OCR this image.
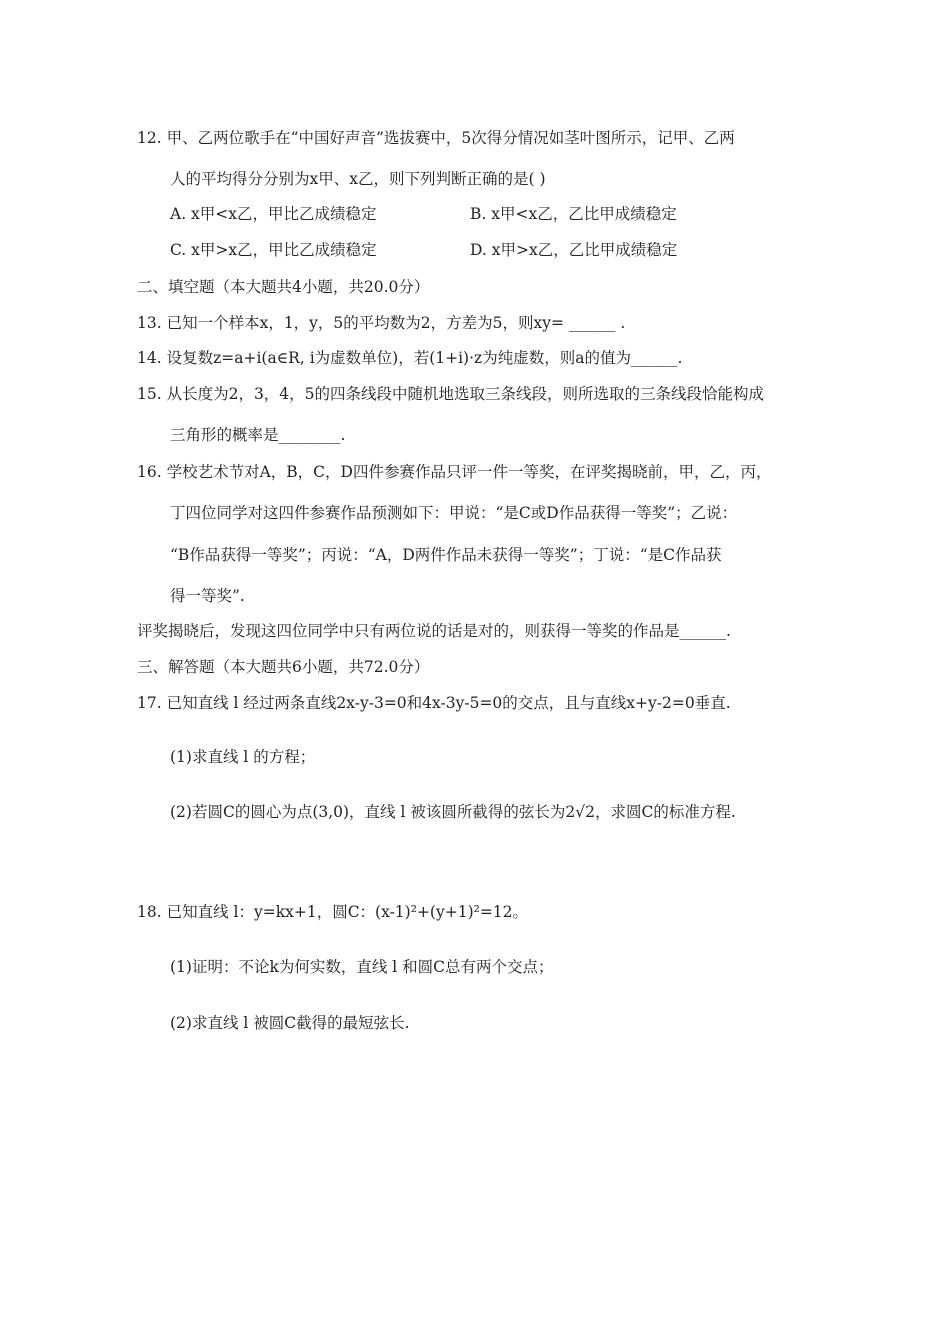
12. 甲、乙两位歌手在“中国好声音”选拔赛中，5次得分情况如茎叶图所示，记甲、乙两
人的平均得分分别为x甲、x乙，则下列判断正确的是( )
A. x甲<x乙，甲比乙成绩稳定	B. x甲<x乙，乙比甲成绩稳定
C. x甲>x乙，甲比乙成绩稳定	D. x甲>x乙，乙比甲成绩稳定
二、填空题（本大题共4小题，共20.0分）
13. 已知一个样本x，1，y，5的平均数为2，方差为5，则xy= ______ .
14. 设复数z=a+i(a∈R, i为虚数单位)，若(1+i)·z为纯虚数，则a的值为______.
15. 从长度为2，3，4，5的四条线段中随机地选取三条线段，则所选取的三条线段恰能构成
三角形的概率是________.
16. 学校艺术节对A，B，C，D四件参赛作品只评一件一等奖，在评奖揭晓前，甲，乙，丙，
丁四位同学对这四件参赛作品预测如下：甲说：“是C或D作品获得一等奖”；乙说：
“B作品获得一等奖”；丙说：“A，D两件作品未获得一等奖”；丁说：“是C作品获
得一等奖”.
评奖揭晓后，发现这四位同学中只有两位说的话是对的，则获得一等奖的作品是______.
三、解答题（本大题共6小题，共72.0分）
17. 已知直线 l 经过两条直线2x-y-3=0和4x-3y-5=0的交点，且与直线x+y-2=0垂直.
(1)求直线 l 的方程；
(2)若圆C的圆心为点(3,0)，直线 l 被该圆所截得的弦长为2√2，求圆C的标准方程.
18. 已知直线 l：y=kx+1，圆C：(x-1)²+(y+1)²=12。
(1)证明：不论k为何实数，直线 l 和圆C总有两个交点；
(2)求直线 l 被圆C截得的最短弦长.
